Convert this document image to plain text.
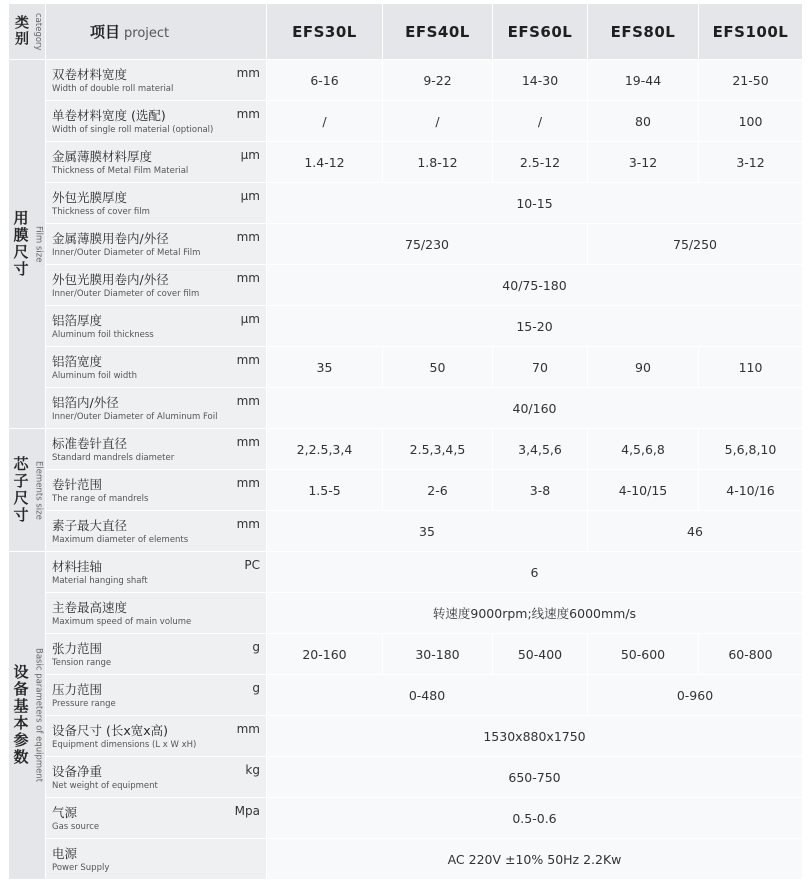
类别 category	项目 project	EFS30L	EFS40L	EFS60L	EFS80L	EFS100L

用膜尺寸 Film size	双卷材料宽度
Width of double roll material
mm	6-16	9-22	14-30	19-44	21-50

	单卷材料宽度 (选配)
Width of single roll material (optional)
mm	/	/	/	80	100

	金属薄膜材料厚度
Thickness of Metal Film Material
μm	1.4-12	1.8-12	2.5-12	3-12	3-12

	外包光膜厚度
Thickness of cover film
μm	10-15				

	金属薄膜用卷内/外径
Inner/Outer Diameter of Metal Film
mm	75/230			75/250	

	外包光膜用卷内/外径
Inner/Outer Diameter of cover film
mm	40/75-180				

	铝箔厚度
Aluminum foil thickness
μm	15-20				

	铝箔宽度
Aluminum foil width
mm	35	50	70	90	110

	铝箔内/外径
Inner/Outer Diameter of Aluminum Foil
mm	40/160				

芯子尺寸 Elements size	标准卷针直径
Standard mandrels diameter
mm	2,2.5,3,4	2.5,3,4,5	3,4,5,6	4,5,6,8	5,6,8,10

	卷针范围
The range of mandrels
mm	1.5-5	2-6	3-8	4-10/15	4-10/16

	素子最大直径
Maximum diameter of elements
mm	35			46	

设备基本参数 Basic parameters of equipment	材料挂轴
Material hanging shaft
PC	6				

	主卷最高速度
Maximum speed of main volume	转速度9000rpm;线速度6000mm/s				

	张力范围
Tension range
g	20-160	30-180	50-400	50-600	60-800

	压力范围
Pressure range
g	0-480			0-960	

	设备尺寸 (长x宽x高)
Equipment dimensions (L x W xH)
mm	1530x880x1750				

	设备净重
Net weight of equipment
kg	650-750				

	气源
Gas source
Mpa	0.5-0.6				

	电源
Power Supply	AC 220V ±10% 50Hz 2.2Kw				
